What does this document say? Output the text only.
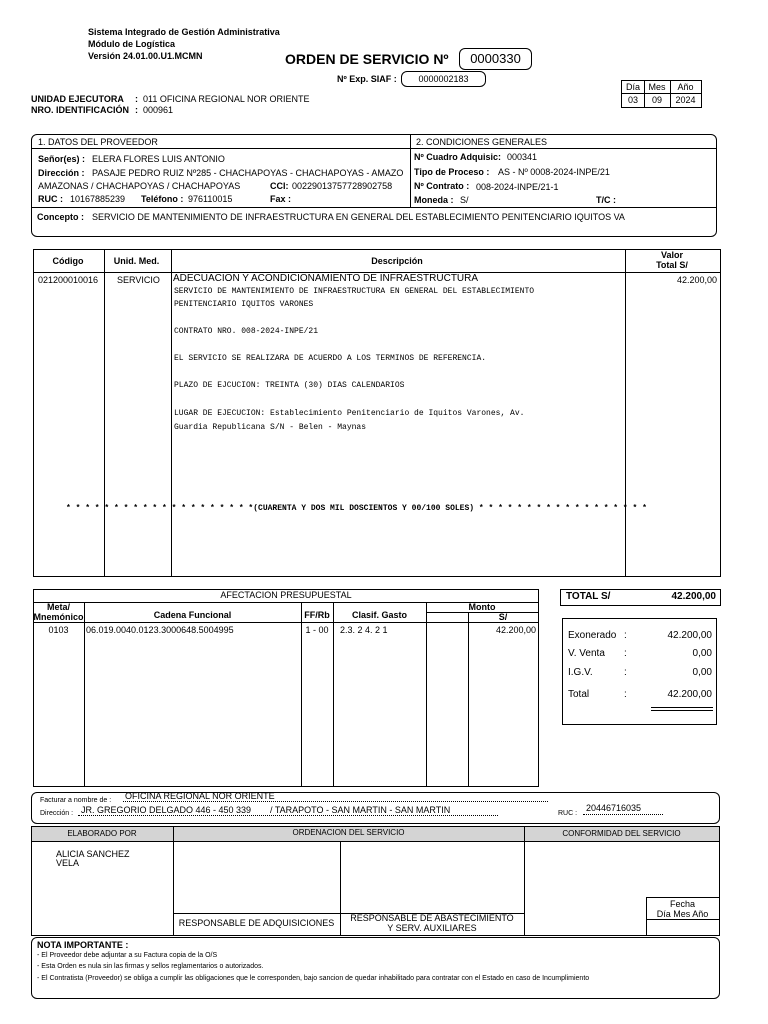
Sistema Integrado de Gestión Administrativa
Módulo de Logística
Versión 24.01.00.U1.MCMN	ORDEN DE SERVICIO Nº	0000330
Nº Exp. SIAF :	0000002183
Día Mes	Año
03	09	2024
UNIDAD EJECUTORA : 011 OFICINA REGIONAL NOR ORIENTE
NRO. IDENTIFICACIÓN : 000961
1. DATOS DEL PROVEEDOR	2. CONDICIONES GENERALES
Señor(es) : ELERA FLORES LUIS ANTONIO
Dirección : PASAJE PEDRO RUIZ Nº285 - CHACHAPOYAS - CHACHAPOYAS - AMAZO
AMAZONAS / CHACHAPOYAS / CHACHAPOYAS	CCI: 00229013757728902758
RUC : 10167885239 Teléfono : 976110015	Fax :
Nº Cuadro Adquisic: 000341
Tipo de Proceso : AS - Nº 0008-2024-INPE/21
Nº Contrato : 008-2024-INPE/21-1
Moneda : S/	T/C :
Concepto : SERVICIO DE MANTENIMIENTO DE INFRAESTRUCTURA EN GENERAL DEL ESTABLECIMIENTO PENITENCIARIO IQUITOS VA
Código	Unid. Med.	Descripción
Valor
Total S/
021200010016 SERVICIO ADECUACION Y ACONDICIONAMIENTO DE INFRAESTRUCTURA
SERVICIO DE MANTENIMIENTO DE INFRAESTRUCTURA EN GENERAL DEL ESTABLECIMIENTO
PENITENCIARIO IQUITOS VARONES
CONTRATO NRO. 008-2024-INPE/21
EL SERVICIO SE REALIZARA DE ACUERDO A LOS TERMINOS DE REFERENCIA.
PLAZO DE EJCUCION: TREINTA (30) DIAS CALENDARIOS
LUGAR DE EJECUCION: Establecimiento Penitenciario de Iquitos Varones, Av.
Guardia Republicana S/N - Belen - Maynas
42.200,00
* * * * * * * * * * * * * * * * * * * *(CUARENTA Y DOS MIL DOSCIENTOS Y 00/100 SOLES) * * * * * * * * * * * * * * * * * *
AFECTACION PRESUPUESTAL
Meta/
Mnemónico	Cadena Funcional	FF/Rb	Clasif. Gasto
Monto
S/
0103	06.019.0040.0123.3000648.5004995	1 - 00	2.3. 2 4. 2 1	42.200,00
TOTAL S/	42.200,00
Exonerado :	42.200,00
V. Venta :	0,00
I.G.V.	:	0,00
Total	:	42.200,00
Facturar a nombre de : OFICINA REGIONAL NOR ORIENTE
Dirección : JR. GREGORIO DELGADO 446 - 450 339 / TARAPOTO - SAN MARTIN - SAN MARTIN	RUC :
20446716035
ELABORADO POR	ORDENACION DEL SERVICIO	CONFORMIDAD DEL SERVICIO
ALICIA SANCHEZ
VELA
RESPONSABLE DE ADQUISICIONES	RESPONSABLE DE ABASTECIMIENTO
Y SERV. AUXILIARES
Fecha
Día Mes Año
NOTA IMPORTANTE :
- El Proveedor debe adjuntar a su Factura copia de la O/S
- Esta Orden es nula sin las firmas y sellos reglamentarios o autorizados.
- El Contratista (Proveedor) se obliga a cumplir las obligaciones que le corresponden, bajo sancion de quedar inhabilitado para contratar con el Estado en caso de Incumplimiento
